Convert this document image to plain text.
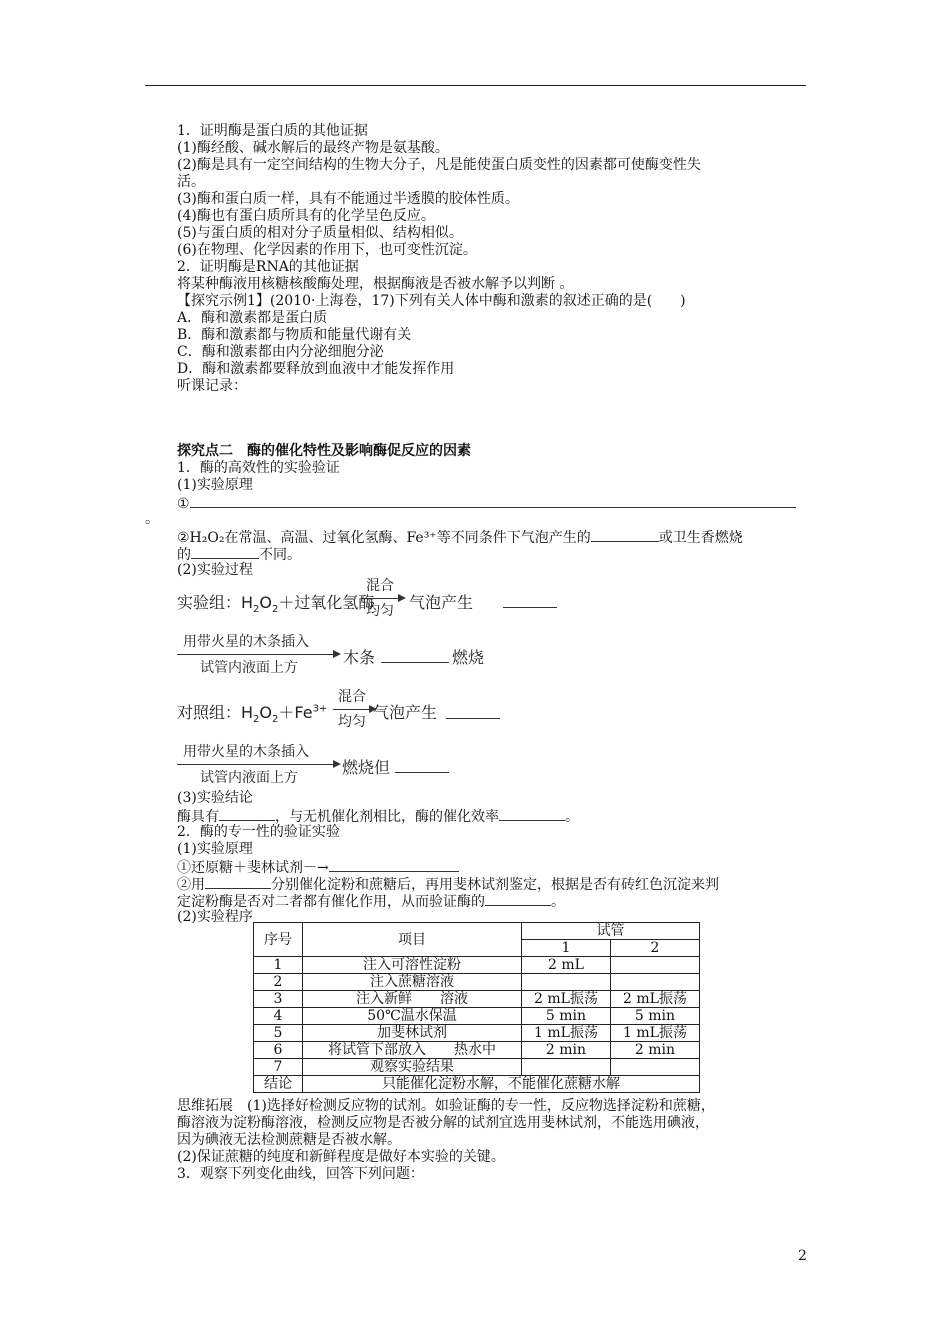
1．证明酶是蛋白质的其他证据
(1)酶经酸、碱水解后的最终产物是氨基酸。
(2)酶是具有一定空间结构的生物大分子，凡是能使蛋白质变性的因素都可使酶变性失
活。
(3)酶和蛋白质一样，具有不能通过半透膜的胶体性质。
(4)酶也有蛋白质所具有的化学呈色反应。
(5)与蛋白质的相对分子质量相似、结构相似。
(6)在物理、化学因素的作用下，也可变性沉淀。
2．证明酶是RNA的其他证据
将某种酶液用核糖核酸酶处理，根据酶液是否被水解予以判断 。
【探究示例1】(2010·上海卷，17)下列有关人体中酶和激素的叙述正确的是(　　)
A．酶和激素都是蛋白质
B．酶和激素都与物质和能量代谢有关
C．酶和激素都由内分泌细胞分泌
D．酶和激素都要释放到血液中才能发挥作用
听课记录：
探究点二　酶的催化特性及影响酶促反应的因素
1．酶的高效性的实验验证
(1)实验原理
①
。
②H₂O₂在常温、高温、过氧化氢酶、Fe³⁺等不同条件下气泡产生的	或卫生香燃烧
的	不同。
(2)实验过程
实验组：$H_2O_2+$过氧化氢酶
混合
均匀 气泡产生
用带火星的木条插入
试管内液面上方
木条	燃烧
对照组：$H_2O_2+Fe^{3+}$
混合
均匀 气泡产生
用带火星的木条插入
试管内液面上方
燃烧但
(3)实验结论
酶具有	，与无机催化剂相比，酶的催化效率	。
2．酶的专一性的验证实验
(1)实验原理
①还原糖＋斐林试剂－→
②用	分别催化淀粉和蔗糖后，再用斐林试剂鉴定，根据是否有砖红色沉淀来判
定淀粉酶是否对二者都有催化作用，从而验证酶的	。
(2)实验程序
序号	项目	试管	
		1	2
1	注入可溶性淀粉	2 mL	
2	注入蔗糖溶液		
3	注入新鲜　　溶液	2 mL振荡	2 mL振荡
4	50℃温水保温	5 min	5 min
5	加斐林试剂	1 mL振荡	1 mL振荡
6	将试管下部放入　　热水中	2 min	2 min
7	观察实验结果		
结论	只能催化淀粉水解，不能催化蔗糖水解		
思维拓展　(1)选择好检测反应物的试剂。如验证酶的专一性，反应物选择淀粉和蔗糖，
酶溶液为淀粉酶溶液，检测反应物是否被分解的试剂宜选用斐林试剂，不能选用碘液，
因为碘液无法检测蔗糖是否被水解。
(2)保证蔗糖的纯度和新鲜程度是做好本实验的关键。
3．观察下列变化曲线，回答下列问题：
2
